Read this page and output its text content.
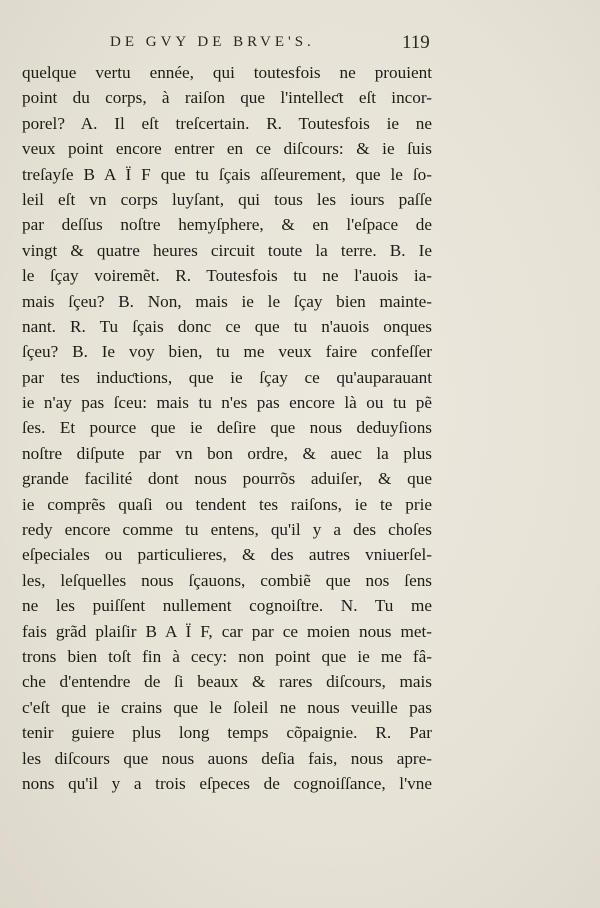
DE GVY DE BRVE'S.	119
quelque vertu ennée, qui toutesfois ne prouient
point du corps, à raiſon que l'intelleƈt eſt incor-
porel? A. Il eſt treſcertain. R. Toutesfois ie ne
veux point encore entrer en ce diſcours: & ie ſuis
treſayſe B A Ï F que tu ſçais aſſeurement, que le ſo-
leil eſt vn corps luyſant, qui tous les iours paſſe
par deſſus noſtre hemyſphere, & en l'eſpace de
vingt & quatre heures circuit toute la terre. B. Ie
le ſçay voiremẽt. R. Toutesfois tu ne l'auois ia-
mais ſçeu? B. Non, mais ie le ſçay bien mainte-
nant. R. Tu ſçais donc ce que tu n'auois onques
ſçeu? B. Ie voy bien, tu me veux faire confeſſer
par tes induƈtions, que ie ſçay ce qu'auparauant
ie n'ay pas ſceu: mais tu n'es pas encore là ou tu pẽ
ſes. Et pource que ie deſire que nous deduyſions
noſtre diſpute par vn bon ordre, & auec la plus
grande facilité dont nous pourrõs aduiſer, & que
ie comprẽs quaſi ou tendent tes raiſons, ie te prie
redy encore comme tu entens, qu'il y a des choſes
eſpeciales ou particulieres, & des autres vniuerſel-
les, leſquelles nous ſçauons, combiẽ que nos ſens
ne les puiſſent nullement cognoiſtre. N. Tu me
fais grãd plaiſir B A Ï F, car par ce moien nous met-
trons bien toſt fin à cecy: non point que ie me fâ-
che d'entendre de ſi beaux & rares diſcours, mais
c'eſt que ie crains que le ſoleil ne nous veuille pas
tenir guiere plus long temps cõpaignie. R. Par
les diſcours que nous auons deſia fais, nous apre-
nons qu'il y a trois eſpeces de cognoiſſance, l'vne
